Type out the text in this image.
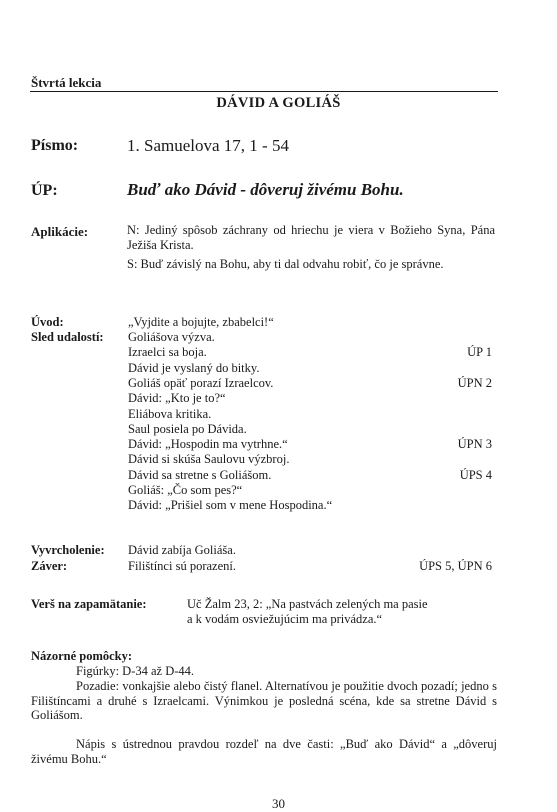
Štvrtá lekcia
DÁVID A GOLIÁŠ
Písmo:	1. Samuelova 17, 1 - 54
ÚP:	Buď ako Dávid - dôveruj živému Bohu.
Aplikácie:	N: Jediný spôsob záchrany od hriechu je viera v Božieho Syna, Pána Ježiša Krista.
S: Buď závislý na Bohu, aby ti dal odvahu robiť, čo je správne.
Úvod:	„Vyjdite a bojujte, zbabelci!“
Sled udalostí: Goliášova výzva.
Izraelci sa boja.	ÚP 1
Dávid je vyslaný do bitky.
Goliáš opäť porazí Izraelcov.	ÚPN 2
Dávid: „Kto je to?“
Eliábova kritika.
Saul posiela po Dávida.
Dávid: „Hospodin ma vytrhne.“	ÚPN 3
Dávid si skúša Saulovu výzbroj.
Dávid sa stretne s Goliášom.	ÚPS 4
Goliáš: „Čo som pes?“
Dávid: „Prišiel som v mene Hospodina.“
Vyvrcholenie: Dávid zabíja Goliáša.
Záver:	Filištínci sú porazení.	ÚPS 5, ÚPN 6
Verš na zapamätanie:	Uč Žalm 23, 2: „Na pastvách zelených ma pasie
a k vodám osviežujúcim ma privádza.“
Názorné pomôcky:
Figúrky: D-34 až D-44.
Pozadie: vonkajšie alebo čistý flanel. Alternatívou je použitie dvoch pozadí; jedno s Filištíncami a druhé s Izraelcami. Výnimkou je posledná scéna, kde sa stretne Dávid s Goliášom.
Nápis s ústrednou pravdou rozdeľ na dve časti: „Buď ako Dávid“ a „dôveruj živému Bohu.“
30
